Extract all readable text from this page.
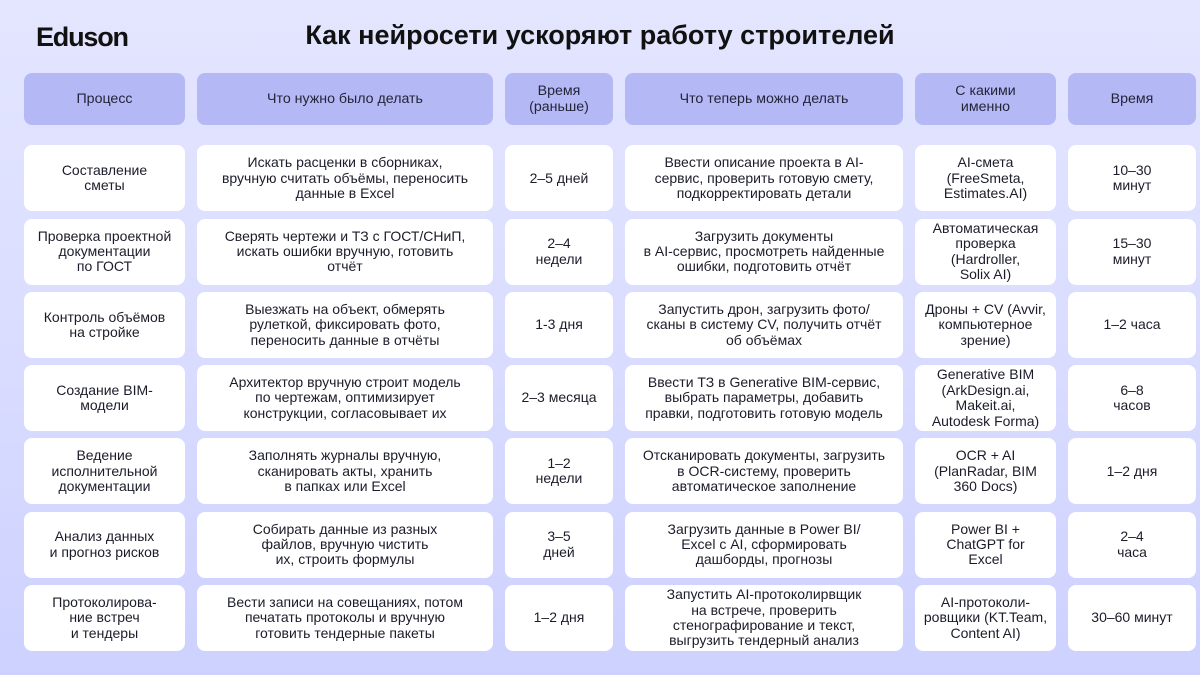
Eduson	Как нейросети ускоряют работу строителей
Процесс	Что нужно было делать
Время
(раньше)
Что теперь можно делать
С какими
именно
Время
Составление
сметы
Искать расценки в сборниках,
вручную считать объёмы, переносить
данные в Excel
2–5 дней
Ввести описание проекта в AI-
сервис, проверить готовую смету,
подкорректировать детали
AI-смета
(FreeSmeta,
Estimates.AI)
10–30
минут
Проверка проектной
документации
по ГОСТ
Сверять чертежи и ТЗ с ГОСТ/СНиП,
искать ошибки вручную, готовить
отчёт
2–4
недели
Загрузить документы
в AI-сервис, просмотреть найденные
ошибки, подготовить отчёт
Автоматическая
проверка
(Hardroller,
Solix AI)
15–30
минут
Контроль объёмов
на стройке
Выезжать на объект, обмерять
рулеткой, фиксировать фото,
переносить данные в отчёты
1-3 дня
Запустить дрон, загрузить фото/
сканы в систему CV, получить отчёт
об объёмах
Дроны + CV (Avvir,
компьютерное
зрение)
1–2 часа
Создание BIM-
модели
Архитектор вручную строит модель
по чертежам, оптимизирует
конструкции, согласовывает их
2–3 месяца
Ввести ТЗ в Generative BIM-сервис,
выбрать параметры, добавить
правки, подготовить готовую модель
Generative BIM
(ArkDesign.ai,
Makeit.ai,
Autodesk Forma)
6–8
часов
Ведение
исполнительной
документации
Заполнять журналы вручную,
сканировать акты, хранить
в папках или Excel
1–2
недели
Отсканировать документы, загрузить
в OCR-систему, проверить
автоматическое заполнение
OCR + AI
(PlanRadar, BIM
360 Docs)
1–2 дня
Анализ данных
и прогноз рисков
Собирать данные из разных
файлов, вручную чистить
их, строить формулы
3–5
дней
Загрузить данные в Power BI/
Excel с AI, сформировать
дашборды, прогнозы
Power BI +
ChatGPT for
Excel
2–4
часа
Протоколирова-
ние встреч
и тендеры
Вести записи на совещаниях, потом
печатать протоколы и вручную
готовить тендерные пакеты
1–2 дня
Запустить AI-протоколирвщик
на встрече, проверить
стенографирование и текст,
выгрузить тендерный анализ
AI-протоколи-
ровщики (KT.Team,
Content AI)
30–60 минут
